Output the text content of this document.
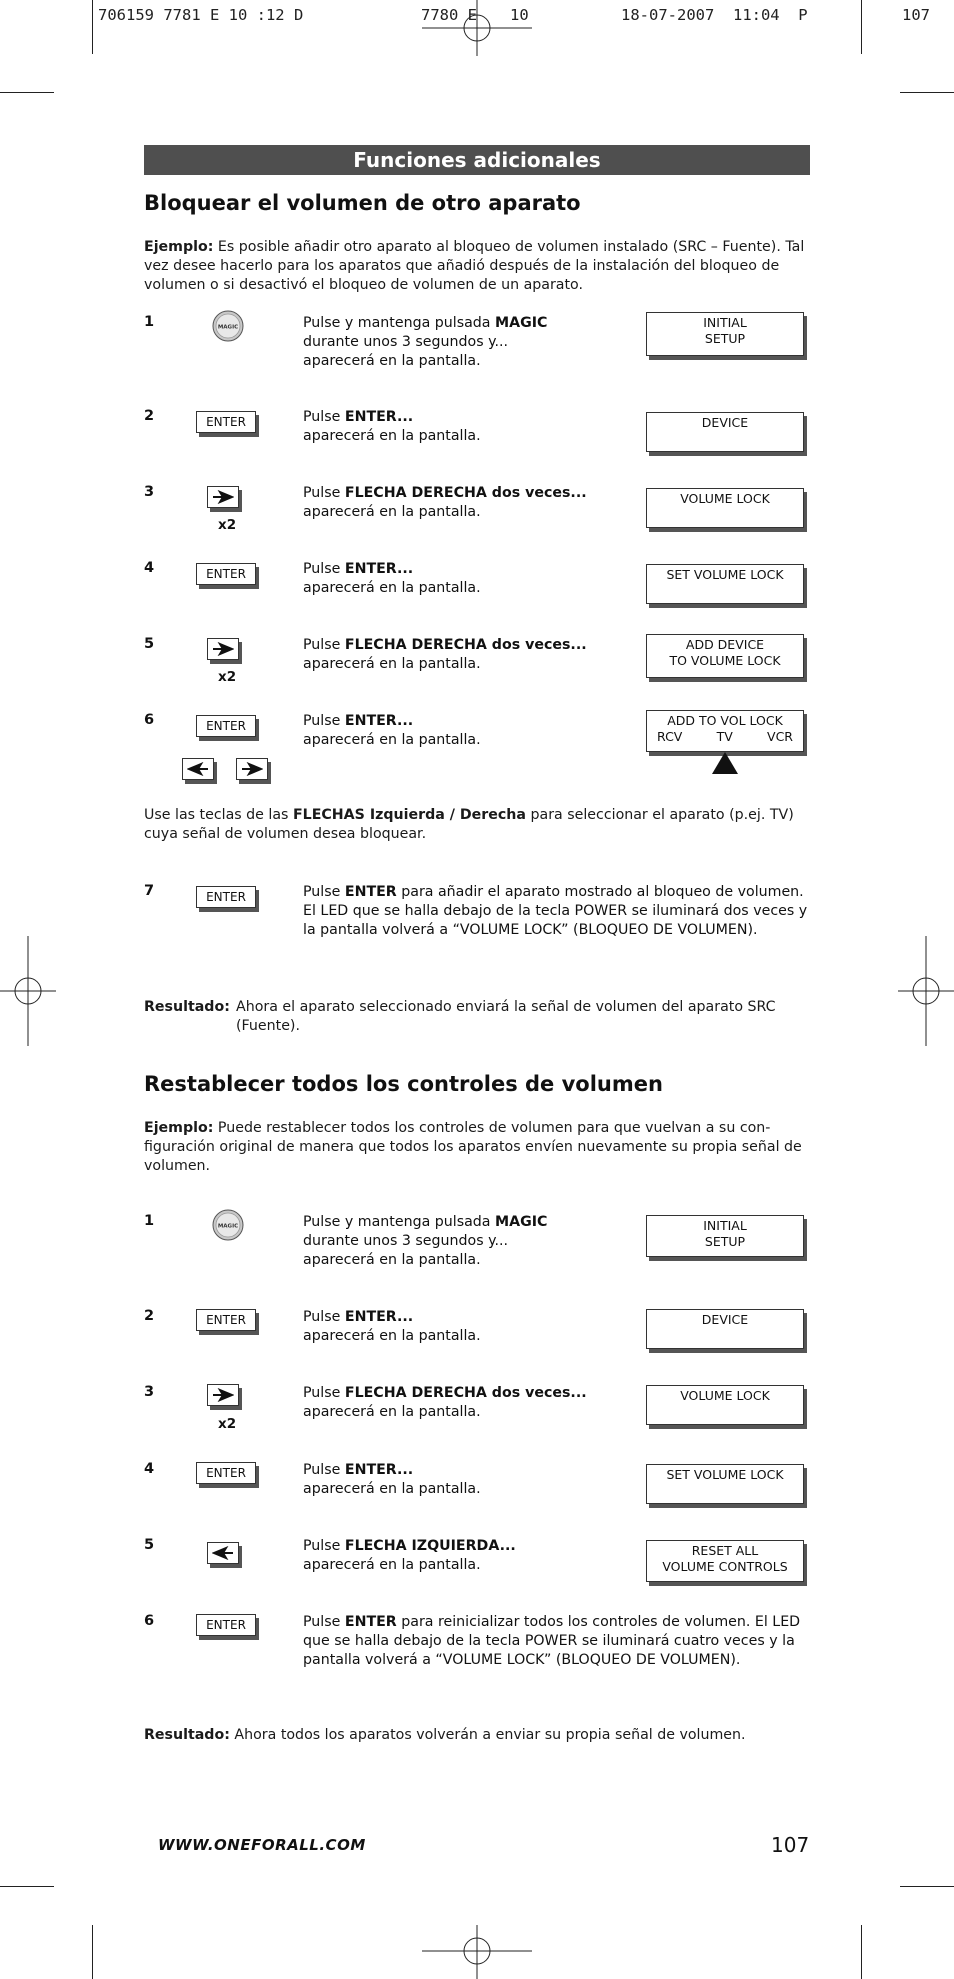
706159 7781 E 10 :12 D	7780 E 10	18-07-2007  11:04  P	107
Funciones adicionales
Bloquear el volumen de otro aparato

Ejemplo: Es posible añadir otro aparato al bloqueo de volumen instalado (SRC – Fuente). Tal vez desee hacerlo para los aparatos que añadió después de la instalación del bloqueo de volumen o si desactivó el bloqueo de volumen de un aparato.

1	MAGIC	Pulse y mantenga pulsada MAGIC
durante unos 3 segundos y...
aparecerá en la pantalla.
INITIAL
SETUP
2	ENTER	Pulse ENTER...
aparecerá en la pantalla.
DEVICE
3
x2
Pulse FLECHA DERECHA dos veces...
aparecerá en la pantalla.
VOLUME LOCK
4	ENTER	Pulse ENTER...
aparecerá en la pantalla.
SET VOLUME LOCK
5
x2
Pulse FLECHA DERECHA dos veces...
aparecerá en la pantalla.
ADD DEVICE
TO VOLUME LOCK
6	ENTER	Pulse ENTER...
aparecerá en la pantalla.
ADD TO VOL LOCK
RCV	TV	VCR

Use las teclas de las FLECHAS Izquierda / Derecha para seleccionar el aparato (p.ej. TV) cuya señal de volumen desea bloquear.

7	ENTER	Pulse ENTER para añadir el aparato mostrado al bloqueo de volumen. El LED que se halla debajo de la tecla POWER se iluminará dos veces y la pantalla volverá a “VOLUME LOCK” (BLOQUEO DE VOLUMEN).
Resultado: Ahora el aparato seleccionado enviará la señal de volumen del aparato SRC (Fuente).
Restablecer todos los controles de volumen

Ejemplo: Puede restablecer todos los controles de volumen para que vuelvan a su con-figuración original de manera que todos los aparatos envíen nuevamente su propia señal de volumen.

1	MAGIC	Pulse y mantenga pulsada MAGIC
durante unos 3 segundos y...
aparecerá en la pantalla.
INITIAL
SETUP
2	ENTER	Pulse ENTER...
aparecerá en la pantalla.
DEVICE
3
x2
Pulse FLECHA DERECHA dos veces...
aparecerá en la pantalla.
VOLUME LOCK
4	ENTER	Pulse ENTER...
aparecerá en la pantalla.
SET VOLUME LOCK
5	Pulse FLECHA IZQUIERDA...
aparecerá en la pantalla.
RESET ALL
VOLUME CONTROLS
6	ENTER	Pulse ENTER para reinicializar todos los controles de volumen. El LED que se halla debajo de la tecla POWER se iluminará cuatro veces y la pantalla volverá a “VOLUME LOCK” (BLOQUEO DE VOLUMEN).

Resultado: Ahora todos los aparatos volverán a enviar su propia señal de volumen.

WWW.ONEFORALL.COM	107
